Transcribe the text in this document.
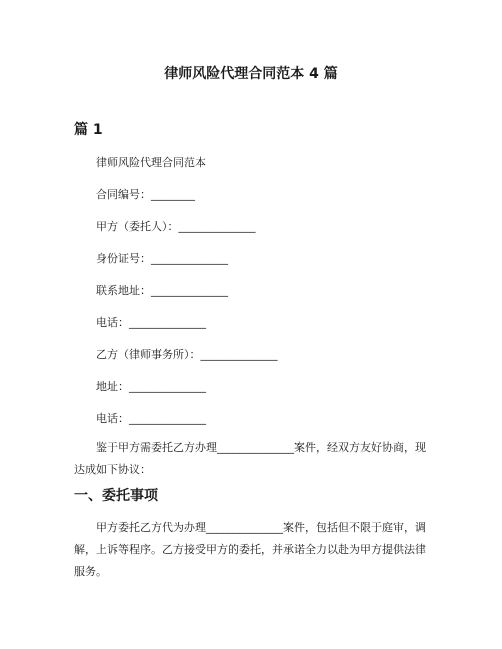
律师风险代理合同范本 4 篇
篇 1

律师风险代理合同范本

合同编号：________

甲方（委托人）：______________

身份证号：______________

联系地址：______________

电话：______________

乙方（律师事务所）：______________

地址：______________

电话：______________

鉴于甲方需委托乙方办理______________案件，经双方友好协商，现达成如下协议：

一、委托事项

甲方委托乙方代为办理______________案件，包括但不限于庭审，调解，上诉等程序。乙方接受甲方的委托，并承诺全力以赴为甲方提供法律服务。
